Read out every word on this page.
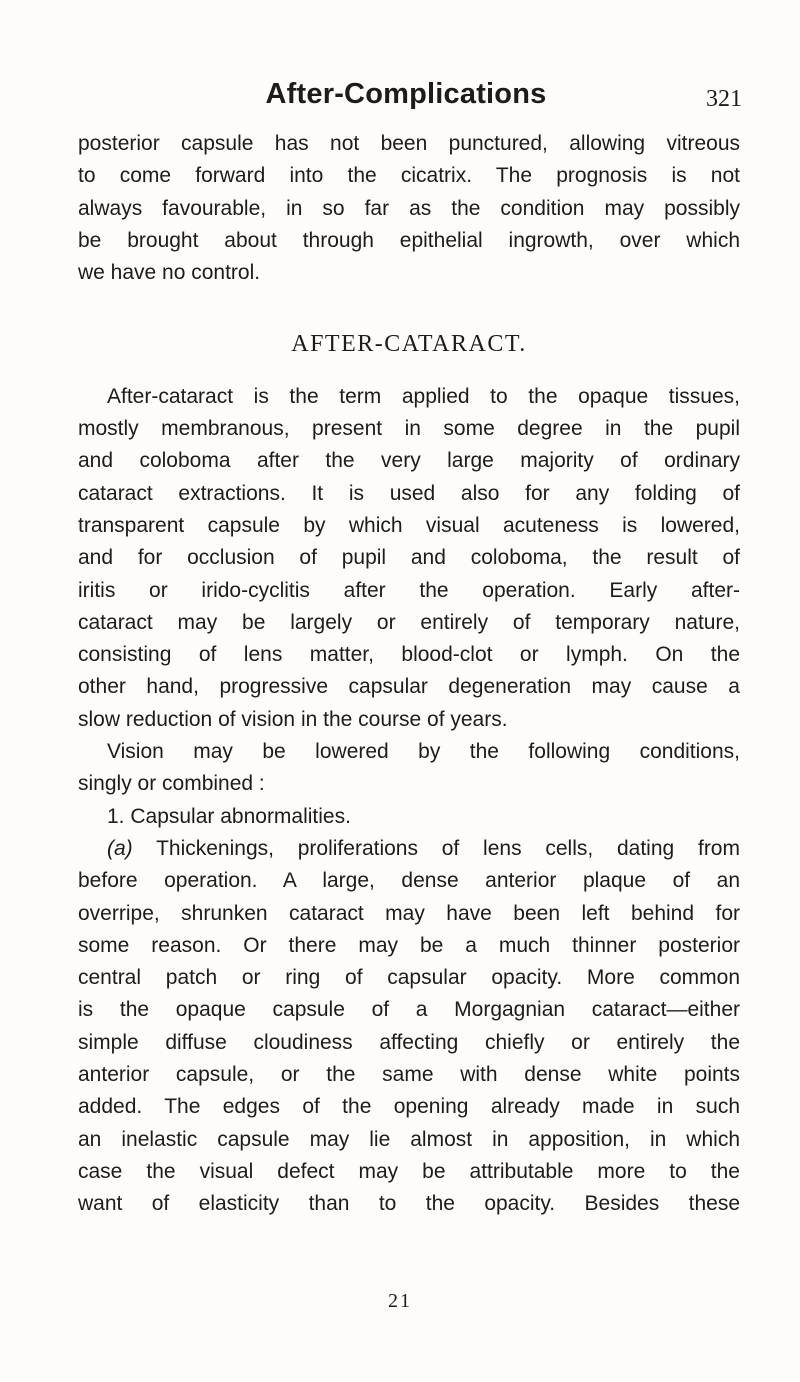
After-Complications	321
posterior capsule has not been punctured, allowing vitreous
to come forward into the cicatrix. The prognosis is not
always favourable, in so far as the condition may possibly
be brought about through epithelial ingrowth, over which
we have no control.
AFTER-CATARACT.
After-cataract is the term applied to the opaque tissues,
mostly membranous, present in some degree in the pupil
and coloboma after the very large majority of ordinary
cataract extractions. It is used also for any folding of
transparent capsule by which visual acuteness is lowered,
and for occlusion of pupil and coloboma, the result of
iritis or irido-cyclitis after the operation. Early after-
cataract may be largely or entirely of temporary nature,
consisting of lens matter, blood-clot or lymph. On the
other hand, progressive capsular degeneration may cause a
slow reduction of vision in the course of years.
Vision may be lowered by the following conditions,
singly or combined :
1. Capsular abnormalities.
(a) Thickenings, proliferations of lens cells, dating from
before operation. A large, dense anterior plaque of an
overripe, shrunken cataract may have been left behind for
some reason. Or there may be a much thinner posterior
central patch or ring of capsular opacity. More common
is the opaque capsule of a Morgagnian cataract—either
simple diffuse cloudiness affecting chiefly or entirely the
anterior capsule, or the same with dense white points
added. The edges of the opening already made in such
an inelastic capsule may lie almost in apposition, in which
case the visual defect may be attributable more to the
want of elasticity than to the opacity. Besides these
21
